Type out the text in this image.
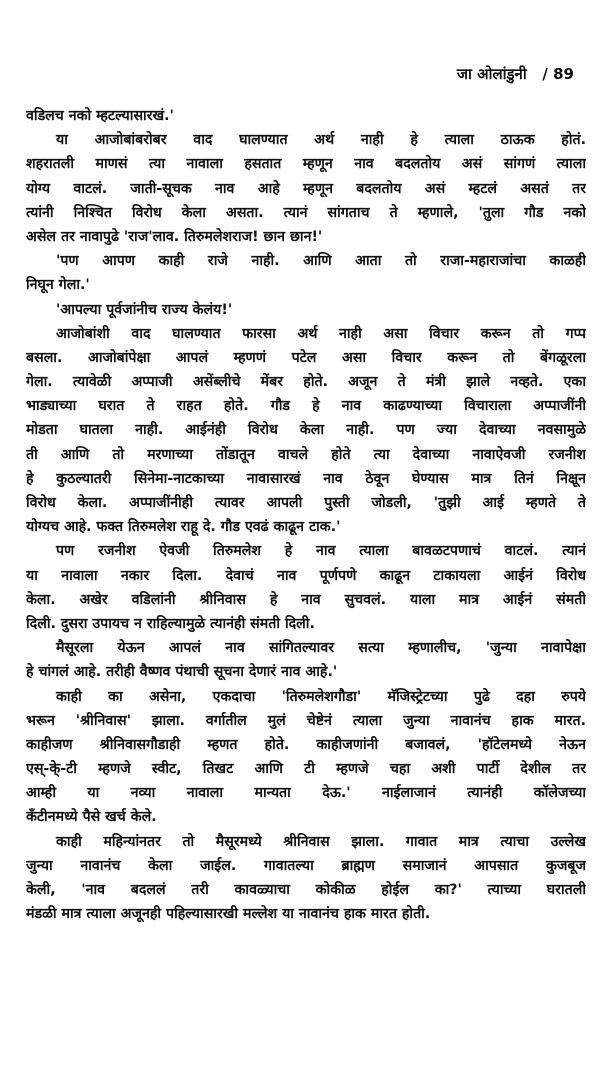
जा ओलांडुनी   / 89
वडिलच नको म्हटल्यासारखं.'
या आजोबांबरोबर वाद घालण्यात अर्थ नाही हे त्याला ठाऊक होतं.
शहरातली माणसं त्या नावाला हसतात म्हणून नाव बदलतोय असं सांगणं त्याला
योग्य वाटलं. जाती-सूचक नाव आहे म्हणून बदलतोय असं म्हटलं असतं तर
त्यांनी निश्चित विरोध केला असता. त्यानं सांगताच ते म्हणाले, 'तुला गौड नको
असेल तर नावापुढे 'राज'लाव. तिरुमलेशराज! छान छान!'
'पण आपण काही राजे नाही. आणि आता तो राजा-महाराजांचा काळही
निघून गेला.'
'आपल्या पूर्वजांनीच राज्य केलंय!'
आजोबांशी वाद घालण्यात फारसा अर्थ नाही असा विचार करून तो गप्प
बसला. आजोबांपेक्षा आपलं म्हणणं पटेल असा विचार करून तो बेंगळूरला
गेला. त्यावेळी अप्पाजी असेंब्लीचे मेंबर होते. अजून ते मंत्री झाले नव्हते. एका
भाड्याच्या घरात ते राहत होते. गौड हे नाव काढण्याच्या विचाराला अप्पाजींनी
मोडता घातला नाही. आईनंही विरोध केला नाही. पण ज्या देवाच्या नवसामुळे
ती आणि तो मरणाच्या तोंडातून वाचले होते त्या देवाच्या नावाऐवजी रजनीश
हे कुठल्यातरी सिनेमा-नाटकाच्या नावासारखं नाव ठेवून घेण्यास मात्र तिनं निक्षून
विरोध केला. अप्पाजींनीही त्यावर आपली पुस्ती जोडली, 'तुझी आई म्हणते ते
योग्यच आहे. फक्त तिरुमलेश राहू दे. गौड एवढं काढून टाक.'
पण रजनीश ऐवजी तिरुमलेश हे नाव त्याला बावळटपणाचं वाटलं. त्यानं
या नावाला नकार दिला. देवाचं नाव पूर्णपणे काढून टाकायला आईनं विरोध
केला. अखेर वडिलांनी श्रीनिवास हे नाव सुचवलं. याला मात्र आईनं संमती
दिली. दुसरा उपायच न राहिल्यामुळे त्यानंही संमती दिली.
मैसूरला येऊन आपलं नाव सांगितल्यावर सत्या म्हणालीच, 'जुन्या नावापेक्षा
हे चांगलं आहे. तरीही वैष्णव पंथाची सूचना देणारं नाव आहे.'
काही का असेना, एकदाचा 'तिरुमलेशगौडा' मॅजिस्ट्रेटच्या पुढे दहा रुपये
भरून 'श्रीनिवास' झाला. वर्गातील मुलं चेष्टेनं त्याला जुन्या नावानंच हाक मारत.
काहीजण श्रीनिवासगौडाही म्हणत होते. काहीजणांनी बजावलं, 'हॉटेलमध्ये नेऊन
एस्-के्-टी म्हणजे स्वीट, तिखट आणि टी म्हणजे चहा अशी पार्टी देशील तर
आम्ही या नव्या नावाला मान्यता देऊ.' नाईलाजानं त्यानंही कॉलेजच्या
कँटीनमध्ये पैसे खर्च केले.
काही महिन्यांनतर तो मैसूरमध्ये श्रीनिवास झाला. गावात मात्र त्याचा उल्लेख
जुन्या नावानंच केला जाईल. गावातल्या ब्राह्मण समाजानं आपसात कुजबूज
केली, 'नाव बदललं तरी कावळ्याचा कोकीळ होईल का?' त्याच्या घरातली
मंडळी मात्र त्याला अजूनही पहिल्यासारखी मल्लेश या नावानंच हाक मारत होती.
